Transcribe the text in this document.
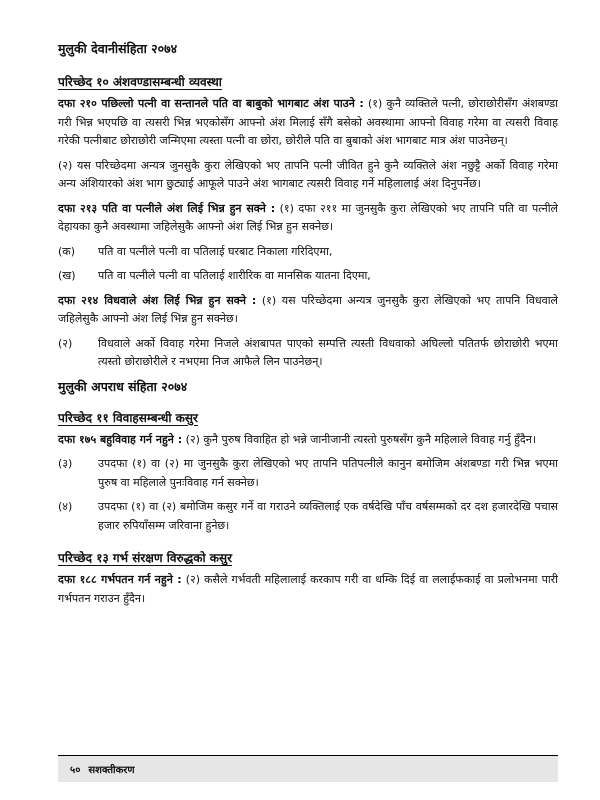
मुलुकी देवानीसंहिता २०७४
परिच्छेद १० अंशवण्डासम्बन्धी व्यवस्था

दफा २१० पछिल्लो पत्नी वा सन्तानले पति वा बाबुको भागबाट अंश पाउने : (१) कुनै व्यक्तिले पत्नी, छोराछोरीसँग अंशबण्डा गरी भिन्न भएपछि वा त्यसरी भिन्न भएकोसँग आफ्नो अंश मिलाई सँगै बसेको अवस्थामा आफ्नो विवाह गरेमा वा त्यसरी विवाह गरेकी पत्नीबाट छोराछोरी जन्मिएमा त्यस्ता पत्नी वा छोरा, छोरीले पति वा बुबाको अंश भागबाट मात्र अंश पाउनेछन्।

(२) यस परिच्छेदमा अन्यत्र जुनसुकै कुरा लेखिएको भए तापनि पत्नी जीवित हुने कुनै व्यक्तिले अंश नछुट्टै अर्को विवाह गरेमा अन्य अंशियारको अंश भाग छुट्याई आफूले पाउने अंश भागबाट त्यसरी विवाह गर्ने महिलालाई अंश दिनुपर्नेछ।

दफा २१३ पति वा पत्नीले अंश लिई भिन्न हुन सक्ने : (१) दफा २११ मा जुनसुकै कुरा लेखिएको भए तापनि पति वा पत्नीले देहायका कुनै अवस्थामा जहिलेसुकै आफ्नो अंश लिई भिन्न हुन सक्नेछ।

(क)	पति वा पत्नीले पत्नी वा पतिलाई घरबाट निकाला गरिदिएमा,
(ख)	पति वा पत्नीले पत्नी वा पतिलाई शारीरिक वा मानसिक यातना दिएमा,

दफा २१४ विधवाले अंश लिई भिन्न हुन सक्ने : (१) यस परिच्छेदमा अन्यत्र जुनसुकै कुरा लेखिएको भए तापनि विधवाले जहिलेसुकै आफ्नो अंश लिई भिन्न हुन सक्नेछ।

(२)	विधवाले अर्को विवाह गरेमा निजले अंशबापत पाएको सम्पत्ति त्यस्ती विधवाको अघिल्लो पतितर्फ छोराछोरी भएमा त्यस्तो छोराछोरीले र नभएमा निज आफैले लिन पाउनेछन्।
मुलुकी अपराध संहिता २०७४
परिच्छेद ११ विवाहसम्बन्धी कसुर

दफा १७५ बहुविवाह गर्न नहुने : (२) कुनै पुरुष विवाहित हो भन्ने जानीजानी त्यस्तो पुरुषसँग कुनै महिलाले विवाह गर्नु हुँदैन।

(३)	उपदफा (१) वा (२) मा जुनसुकै कुरा लेखिएको भए तापनि पतिपत्नीले कानुन बमोजिम अंशबण्डा गरी भिन्न भएमा पुरुष वा महिलाले पुनःविवाह गर्न सक्नेछ।
(४)	उपदफा (१) वा (२) बमोजिम कसुर गर्ने वा गराउने व्यक्तिलाई एक वर्षदेखि पाँच वर्षसम्मको दर दश हजारदेखि पचास हजार रुपियाँसम्म जरिवाना हुनेछ।
परिच्छेद १३ गर्भ संरक्षण विरुद्धको कसुर

दफा १८८ गर्भपतन गर्न नहुने : (२) कसैले गर्भवती महिलालाई करकाप गरी वा धम्कि दिई वा ललाईफकाई वा प्रलोभनमा पारी गर्भपतन गराउन हुँदैन।

५० सशक्तीकरण
